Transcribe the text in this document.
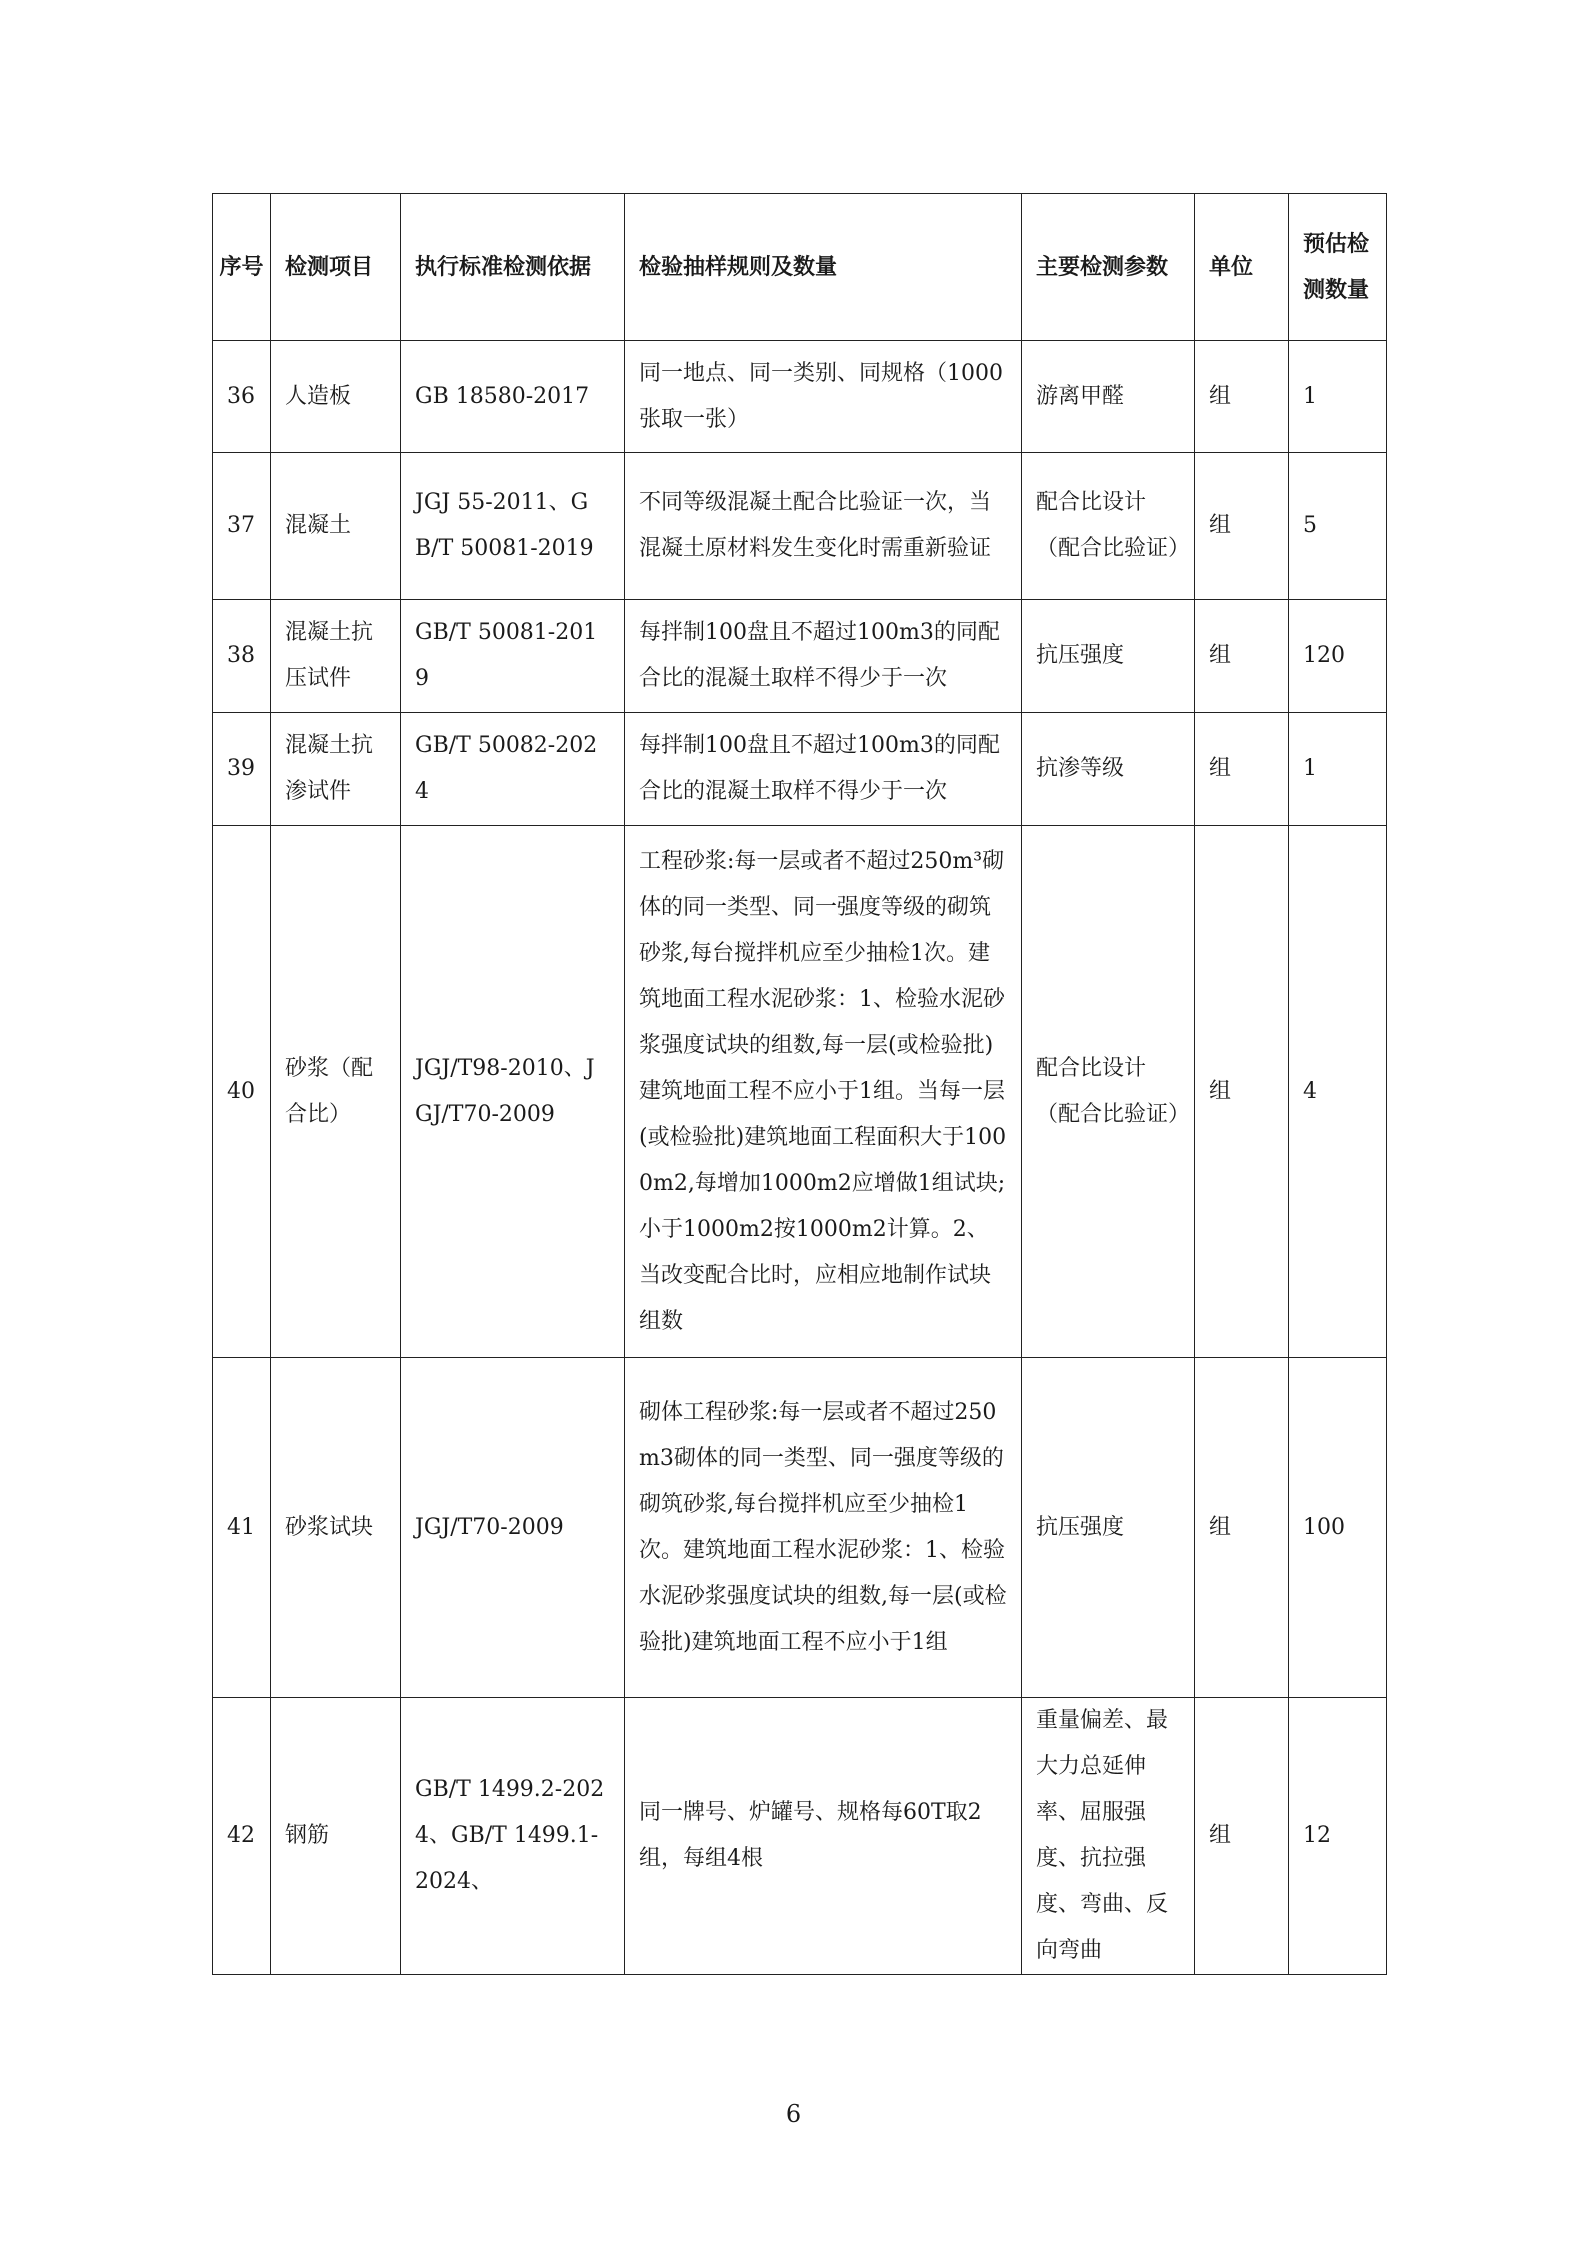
序号	检测项目	执行标准检测依据	检验抽样规则及数量	主要检测参数	单位	预估检测数量
36	人造板	GB 18580-2017	同一地点、同一类别、同规格（1000张取一张）	游离甲醛	组	1
37	混凝土	JGJ 55-2011、GB/T 50081-2019	不同等级混凝土配合比验证一次，当混凝土原材料发生变化时需重新验证	配合比设计（配合比验证）	组	5
38	混凝土抗压试件	GB/T 50081-2019	每拌制100盘且不超过100m3的同配合比的混凝土取样不得少于一次	抗压强度	组	120
39	混凝土抗渗试件	GB/T 50082-2024	每拌制100盘且不超过100m3的同配合比的混凝土取样不得少于一次	抗渗等级	组	1
40	砂浆（配合比）	JGJ/T98-2010、JGJ/T70-2009	工程砂浆:每一层或者不超过250m³砌体的同一类型、同一强度等级的砌筑砂浆,每台搅拌机应至少抽检1次。建筑地面工程水泥砂浆：1、检验水泥砂浆强度试块的组数,每一层(或检验批)建筑地面工程不应小于1组。当每一层(或检验批)建筑地面工程面积大于1000m2,每增加1000m2应增做1组试块;小于1000m2按1000m2计算。2、当改变配合比时，应相应地制作试块组数	配合比设计（配合比验证）	组	4
41	砂浆试块	JGJ/T70-2009	砌体工程砂浆:每一层或者不超过250m3砌体的同一类型、同一强度等级的砌筑砂浆,每台搅拌机应至少抽检1次。建筑地面工程水泥砂浆：1、检验水泥砂浆强度试块的组数,每一层(或检验批)建筑地面工程不应小于1组	抗压强度	组	100
42	钢筋	GB/T 1499.2-2024、GB/T 1499.1-2024、	同一牌号、炉罐号、规格每60T取2组，每组4根	重量偏差、最大力总延伸率、屈服强度、抗拉强度、弯曲、反向弯曲	组	12
6
